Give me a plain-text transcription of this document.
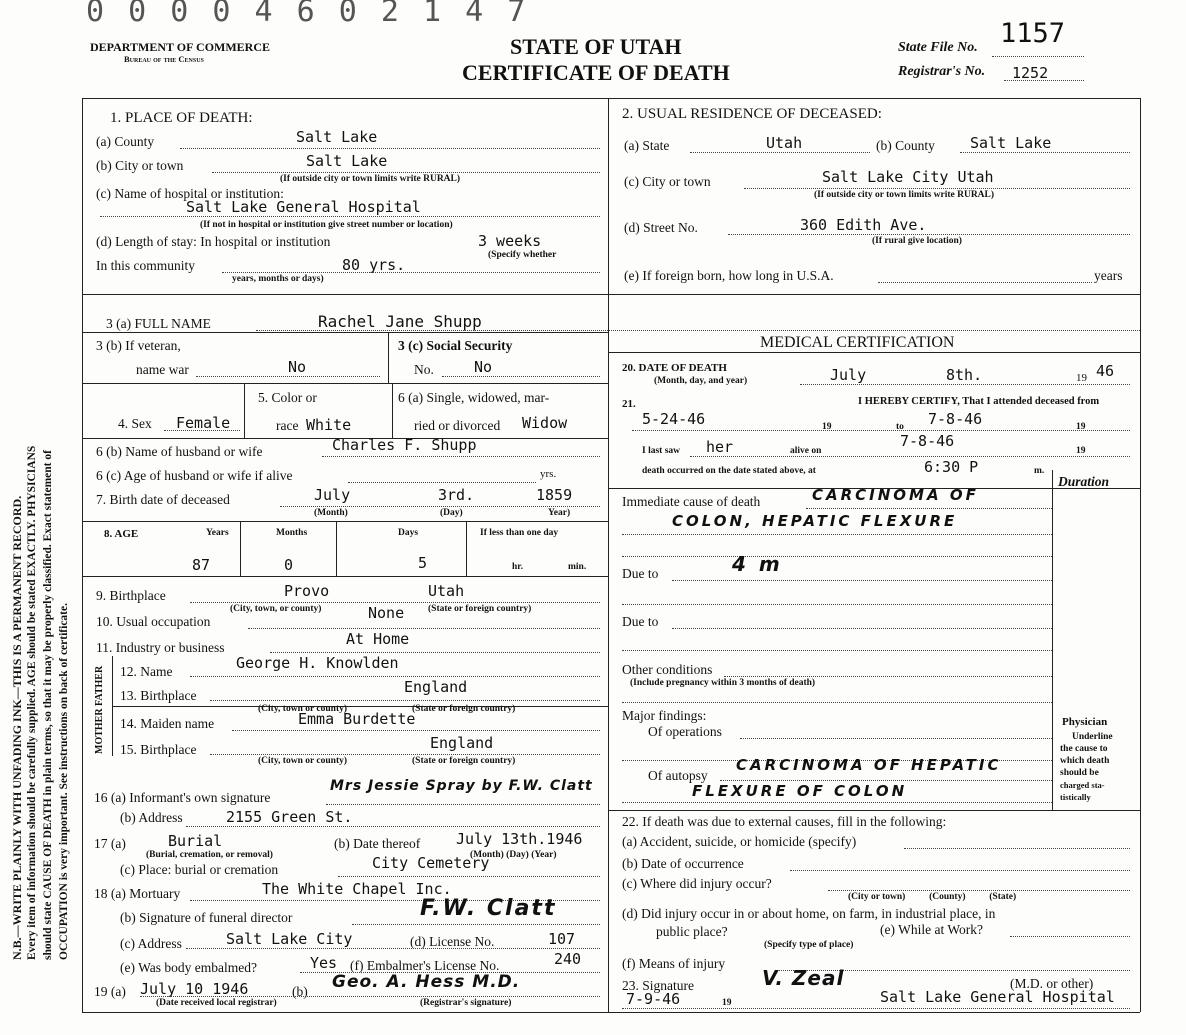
N.B.—WRITE PLAINLY WITH UNFADING INK—THIS IS A PERMANENT RECORD. Every item of information should be carefully supplied. AGE should be stated EXACTLY. PHYSICIANS should state CAUSE OF DEATH in plain terms, so that it may be properly classified. Exact statement of OCCUPATION is very important. See instructions on back of certificate.
0 0 0 0 4 6 0 2 1 4 7
DEPARTMENT OF COMMERCE
Bureau of the Census	STATE OF UTAH
CERTIFICATE OF DEATH
State File No. 1157
Registrar's No. 1252
1. PLACE OF DEATH:
(a) County	Salt Lake
(b) City or town	Salt Lake
(If outside city or town limits write RURAL)
(c) Name of hospital or institution:
Salt Lake General Hospital
(If not in hospital or institution give street number or location)
(d) Length of stay: In hospital or institution	3 weeks
(Specify whether
In this community	80 yrs.
years, months or days)
2. USUAL RESIDENCE OF DECEASED:
(a) State	Utah	(b) County Salt Lake
(c) City or town	Salt Lake City Utah
(If outside city or town limits write RURAL)
(d) Street No.	360 Edith Ave.
(If rural give location)
(e) If foreign born, how long in U.S.A.	years
3 (a) FULL NAME	Rachel Jane Shupp
3 (b) If veteran,
name war	No
3 (c) Social Security
No.	No
4. Sex Female
5. Color or
race White
6 (a) Single, widowed, mar-
ried or divorced Widow
6 (b) Name of husband or wife	Charles F. Shupp
6 (c) Age of husband or wife if alive	yrs.
7. Birth date of deceased	July	3rd.	1859
(Month)	(Day)	Year)
8. AGE	Years	Months	Days	If less than one day
87	0	5	hr.	min.
9. Birthplace	Provo	Utah
(City, town, or county)	(State or foreign country)
10. Usual occupation	None
11. Industry or business	At Home
FATHER
MOTHER
12. Name	George H. Knowlden
13. Birthplace	England
(City, town or county)	(State or foreign country)
14. Maiden name	Emma Burdette
15. Birthplace	England
(City, town or county)	(State or foreign country)
16 (a) Informant's own signature
Mrs Jessie Spray by F.W. Clatt
(b) Address	2155 Green St.
17 (a)	Burial
(Burial, cremation, or removal)
(b) Date thereof July 13th.1946
(Month) (Day) (Year)
(c) Place: burial or cremation	City Cemetery
18 (a) Mortuary	The White Chapel Inc.
(b) Signature of funeral director	F.W. Clatt
(c) Address	Salt Lake City	(d) License No.	107
(e) Was body embalmed?	Yes (f) Embalmer's License No.	240
19 (a) July 10 1946
(Date received local registrar)
(b) Geo. A. Hess M.D.
(Registrar's signature)
MEDICAL CERTIFICATION
20. DATE OF DEATH
(Month, day, and year)	July	8th.	19 46
21.	I HEREBY CERTIFY, That I attended deceased from
5-24-46	19	to 7-8-46	19
I last saw her	alive on
7-8-46
19
death occurred on the date stated above, at	6:30 P	m.
Duration
Immediate cause of death	CARCINOMA OF
COLON, HEPATIC FLEXURE
Due to	4 m
Due to
Other conditions
(Include pregnancy within 3 months of death)
Major findings:
Of operations
Of autopsy
CARCINOMA OF HEPATIC
FLEXURE OF COLON
Physician
Underline
the cause to
which death
should be
charged sta-
tistically
22. If death was due to external causes, fill in the following:
(a) Accident, suicide, or homicide (specify)
(b) Date of occurrence
(c) Where did injury occur?
(City or town)          (County)          (State)
(d) Did injury occur in or about home, on farm, in industrial place, in
public place?	(e) While at Work?
(Specify type of place)
(f) Means of injury
23. Signature	V. Zeal	(M.D. or other)
7-9-46	19	Salt Lake General Hospital
